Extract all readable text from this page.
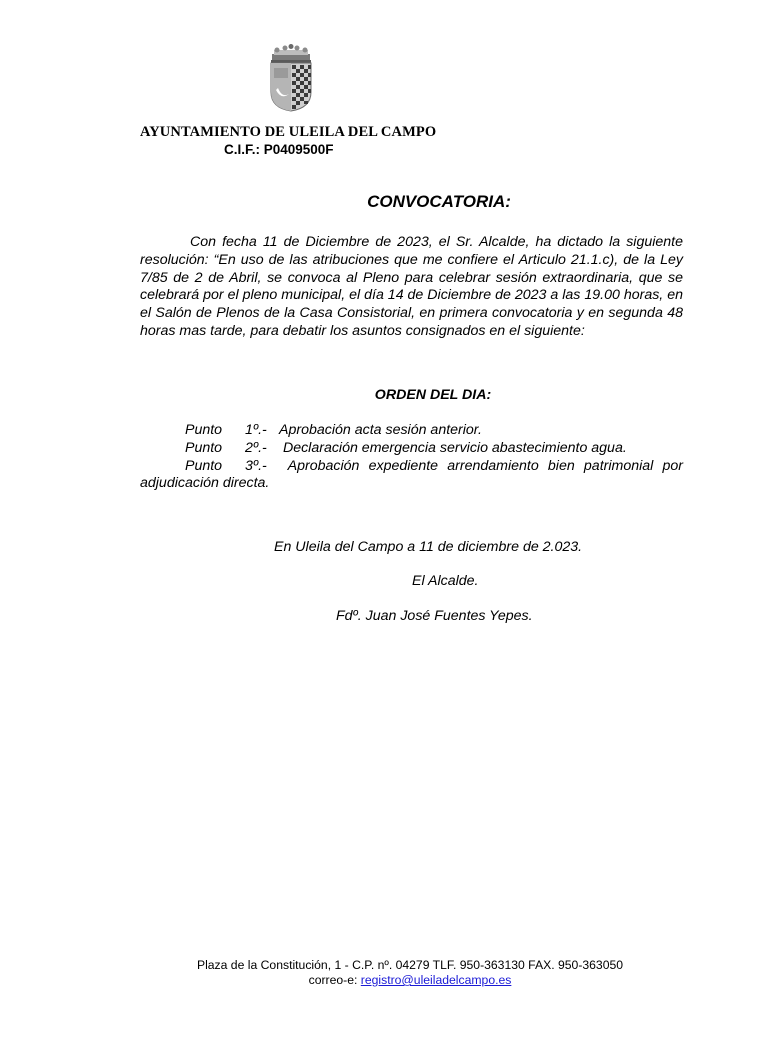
AYUNTAMIENTO DE ULEILA DEL CAMPO
C.I.F.: P0409500F
CONVOCATORIA:
Con fecha 11 de Diciembre de 2023, el Sr. Alcalde, ha dictado la siguiente resolución: “En uso de las atribuciones que me confiere el Articulo 21.1.c), de la Ley 7/85 de 2 de Abril, se convoca al Pleno para celebrar sesión extraordinaria, que se celebrará por el pleno municipal, el día 14 de Diciembre de 2023 a las 19.00 horas, en el Salón de Plenos de la Casa Consistorial, en primera convocatoria y en segunda 48 horas mas tarde, para debatir los asuntos consignados en el siguiente:
ORDEN DEL DIA:
Punto 1º.- Aprobación acta sesión anterior.
Punto 2º.- Declaración emergencia servicio abastecimiento agua.
Punto 3º.- Aprobación expediente arrendamiento bien patrimonial por adjudicación directa.
En Uleila del Campo a 11 de diciembre de 2.023.
El Alcalde.
Fdº. Juan José Fuentes Yepes.
Plaza de la Constitución, 1 - C.P. nº. 04279 TLF. 950-363130 FAX. 950-363050
correo-e: registro@uleiladelcampo.es
